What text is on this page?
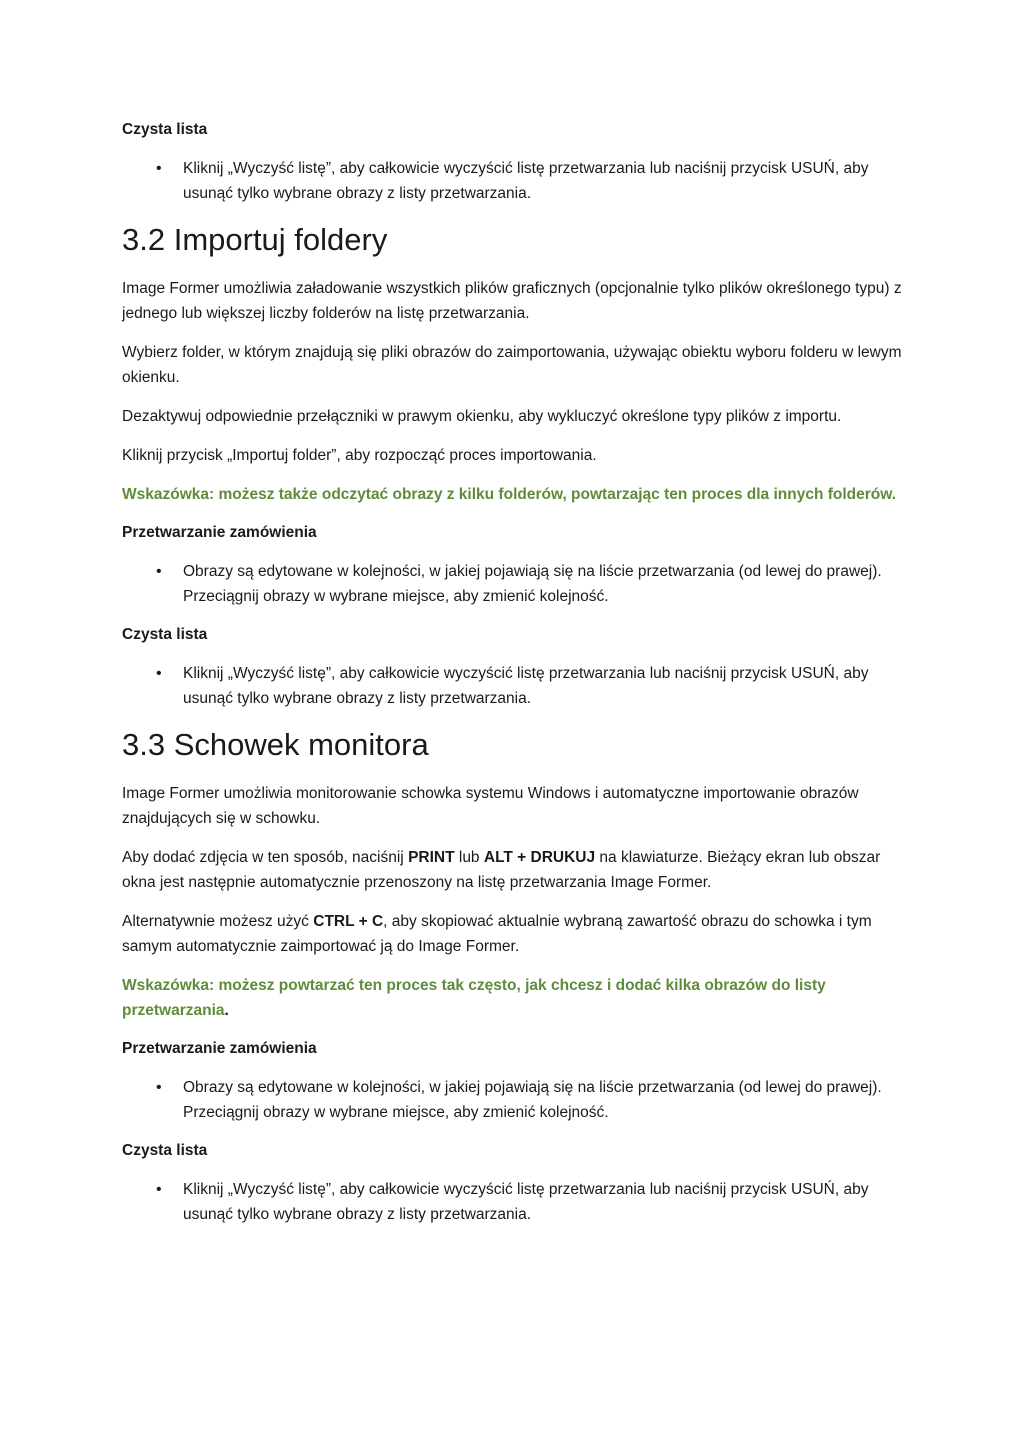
Czysta lista
• Kliknij „Wyczyść listę”, aby całkowicie wyczyścić listę przetwarzania lub naciśnij przycisk USUŃ, aby usunąć tylko wybrane obrazy z listy przetwarzania.
3.2 Importuj foldery

Image Former umożliwia załadowanie wszystkich plików graficznych (opcjonalnie tylko plików określonego typu) z jednego lub większej liczby folderów na listę przetwarzania.

Wybierz folder, w którym znajdują się pliki obrazów do zaimportowania, używając obiektu wyboru folderu w lewym okienku.

Dezaktywuj odpowiednie przełączniki w prawym okienku, aby wykluczyć określone typy plików z importu.

Kliknij przycisk „Importuj folder”, aby rozpocząć proces importowania.

Wskazówka: możesz także odczytać obrazy z kilku folderów, powtarzając ten proces dla innych folderów.

Przetwarzanie zamówienia
• Obrazy są edytowane w kolejności, w jakiej pojawiają się na liście przetwarzania (od lewej do prawej). Przeciągnij obrazy w wybrane miejsce, aby zmienić kolejność.
Czysta lista
• Kliknij „Wyczyść listę”, aby całkowicie wyczyścić listę przetwarzania lub naciśnij przycisk USUŃ, aby usunąć tylko wybrane obrazy z listy przetwarzania.
3.3 Schowek monitora

Image Former umożliwia monitorowanie schowka systemu Windows i automatyczne importowanie obrazów znajdujących się w schowku.

Aby dodać zdjęcia w ten sposób, naciśnij PRINT lub ALT + DRUKUJ na klawiaturze. Bieżący ekran lub obszar okna jest następnie automatycznie przenoszony na listę przetwarzania Image Former.

Alternatywnie możesz użyć CTRL + C, aby skopiować aktualnie wybraną zawartość obrazu do schowka i tym samym automatycznie zaimportować ją do Image Former.

Wskazówka: możesz powtarzać ten proces tak często, jak chcesz i dodać kilka obrazów do listy przetwarzania.

Przetwarzanie zamówienia
• Obrazy są edytowane w kolejności, w jakiej pojawiają się na liście przetwarzania (od lewej do prawej). Przeciągnij obrazy w wybrane miejsce, aby zmienić kolejność.
Czysta lista
• Kliknij „Wyczyść listę”, aby całkowicie wyczyścić listę przetwarzania lub naciśnij przycisk USUŃ, aby usunąć tylko wybrane obrazy z listy przetwarzania.
